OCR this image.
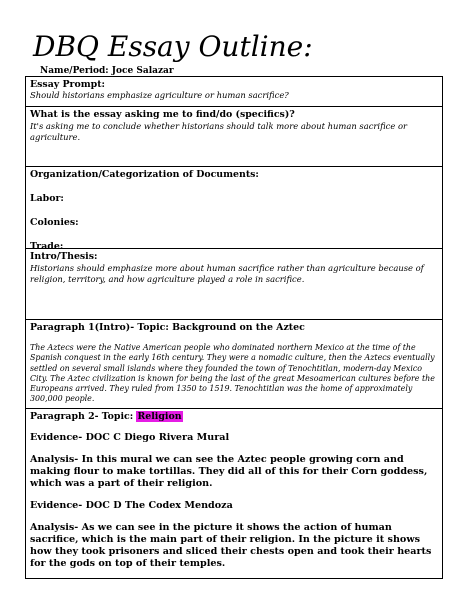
DBQ Essay Outline:
Name/Period: Joce Salazar
Essay Prompt:
Should historians emphasize agriculture or human sacrifice?
What is the essay asking me to find/do (specifics)?
It's asking me to conclude whether historians should talk more about human sacrifice or agriculture.
Organization/Categorization of Documents:
Labor:
Colonies:
Trade:
Intro/Thesis:
Historians should emphasize more about human sacrifice rather than agriculture because of religion, territory, and how agriculture played a role in sacrifice.
Paragraph 1(Intro)- Topic: Background on the Aztec
The Aztecs were the Native American people who dominated northern Mexico at the time of the Spanish conquest in the early 16th century. They were a nomadic culture, then the Aztecs eventually settled on several small islands where they founded the town of Tenochtitlan, modern-day Mexico City. The Aztec civilization is known for being the last of the great Mesoamerican cultures before the Europeans arrived. They ruled from 1350 to 1519. Tenochtitlan was the home of approximately 300,000 people.
Paragraph 2- Topic: Religion
Evidence- DOC C Diego Rivera Mural
Analysis- In this mural we can see the Aztec people growing corn and making flour to make tortillas. They did all of this for their Corn goddess, which was a part of their religion.
Evidence- DOC D The Codex Mendoza
Analysis- As we can see in the picture it shows the action of human sacrifice, which is the main part of their religion. In the picture it shows how they took prisoners and sliced their chests open and took their hearts for the gods on top of their temples.
